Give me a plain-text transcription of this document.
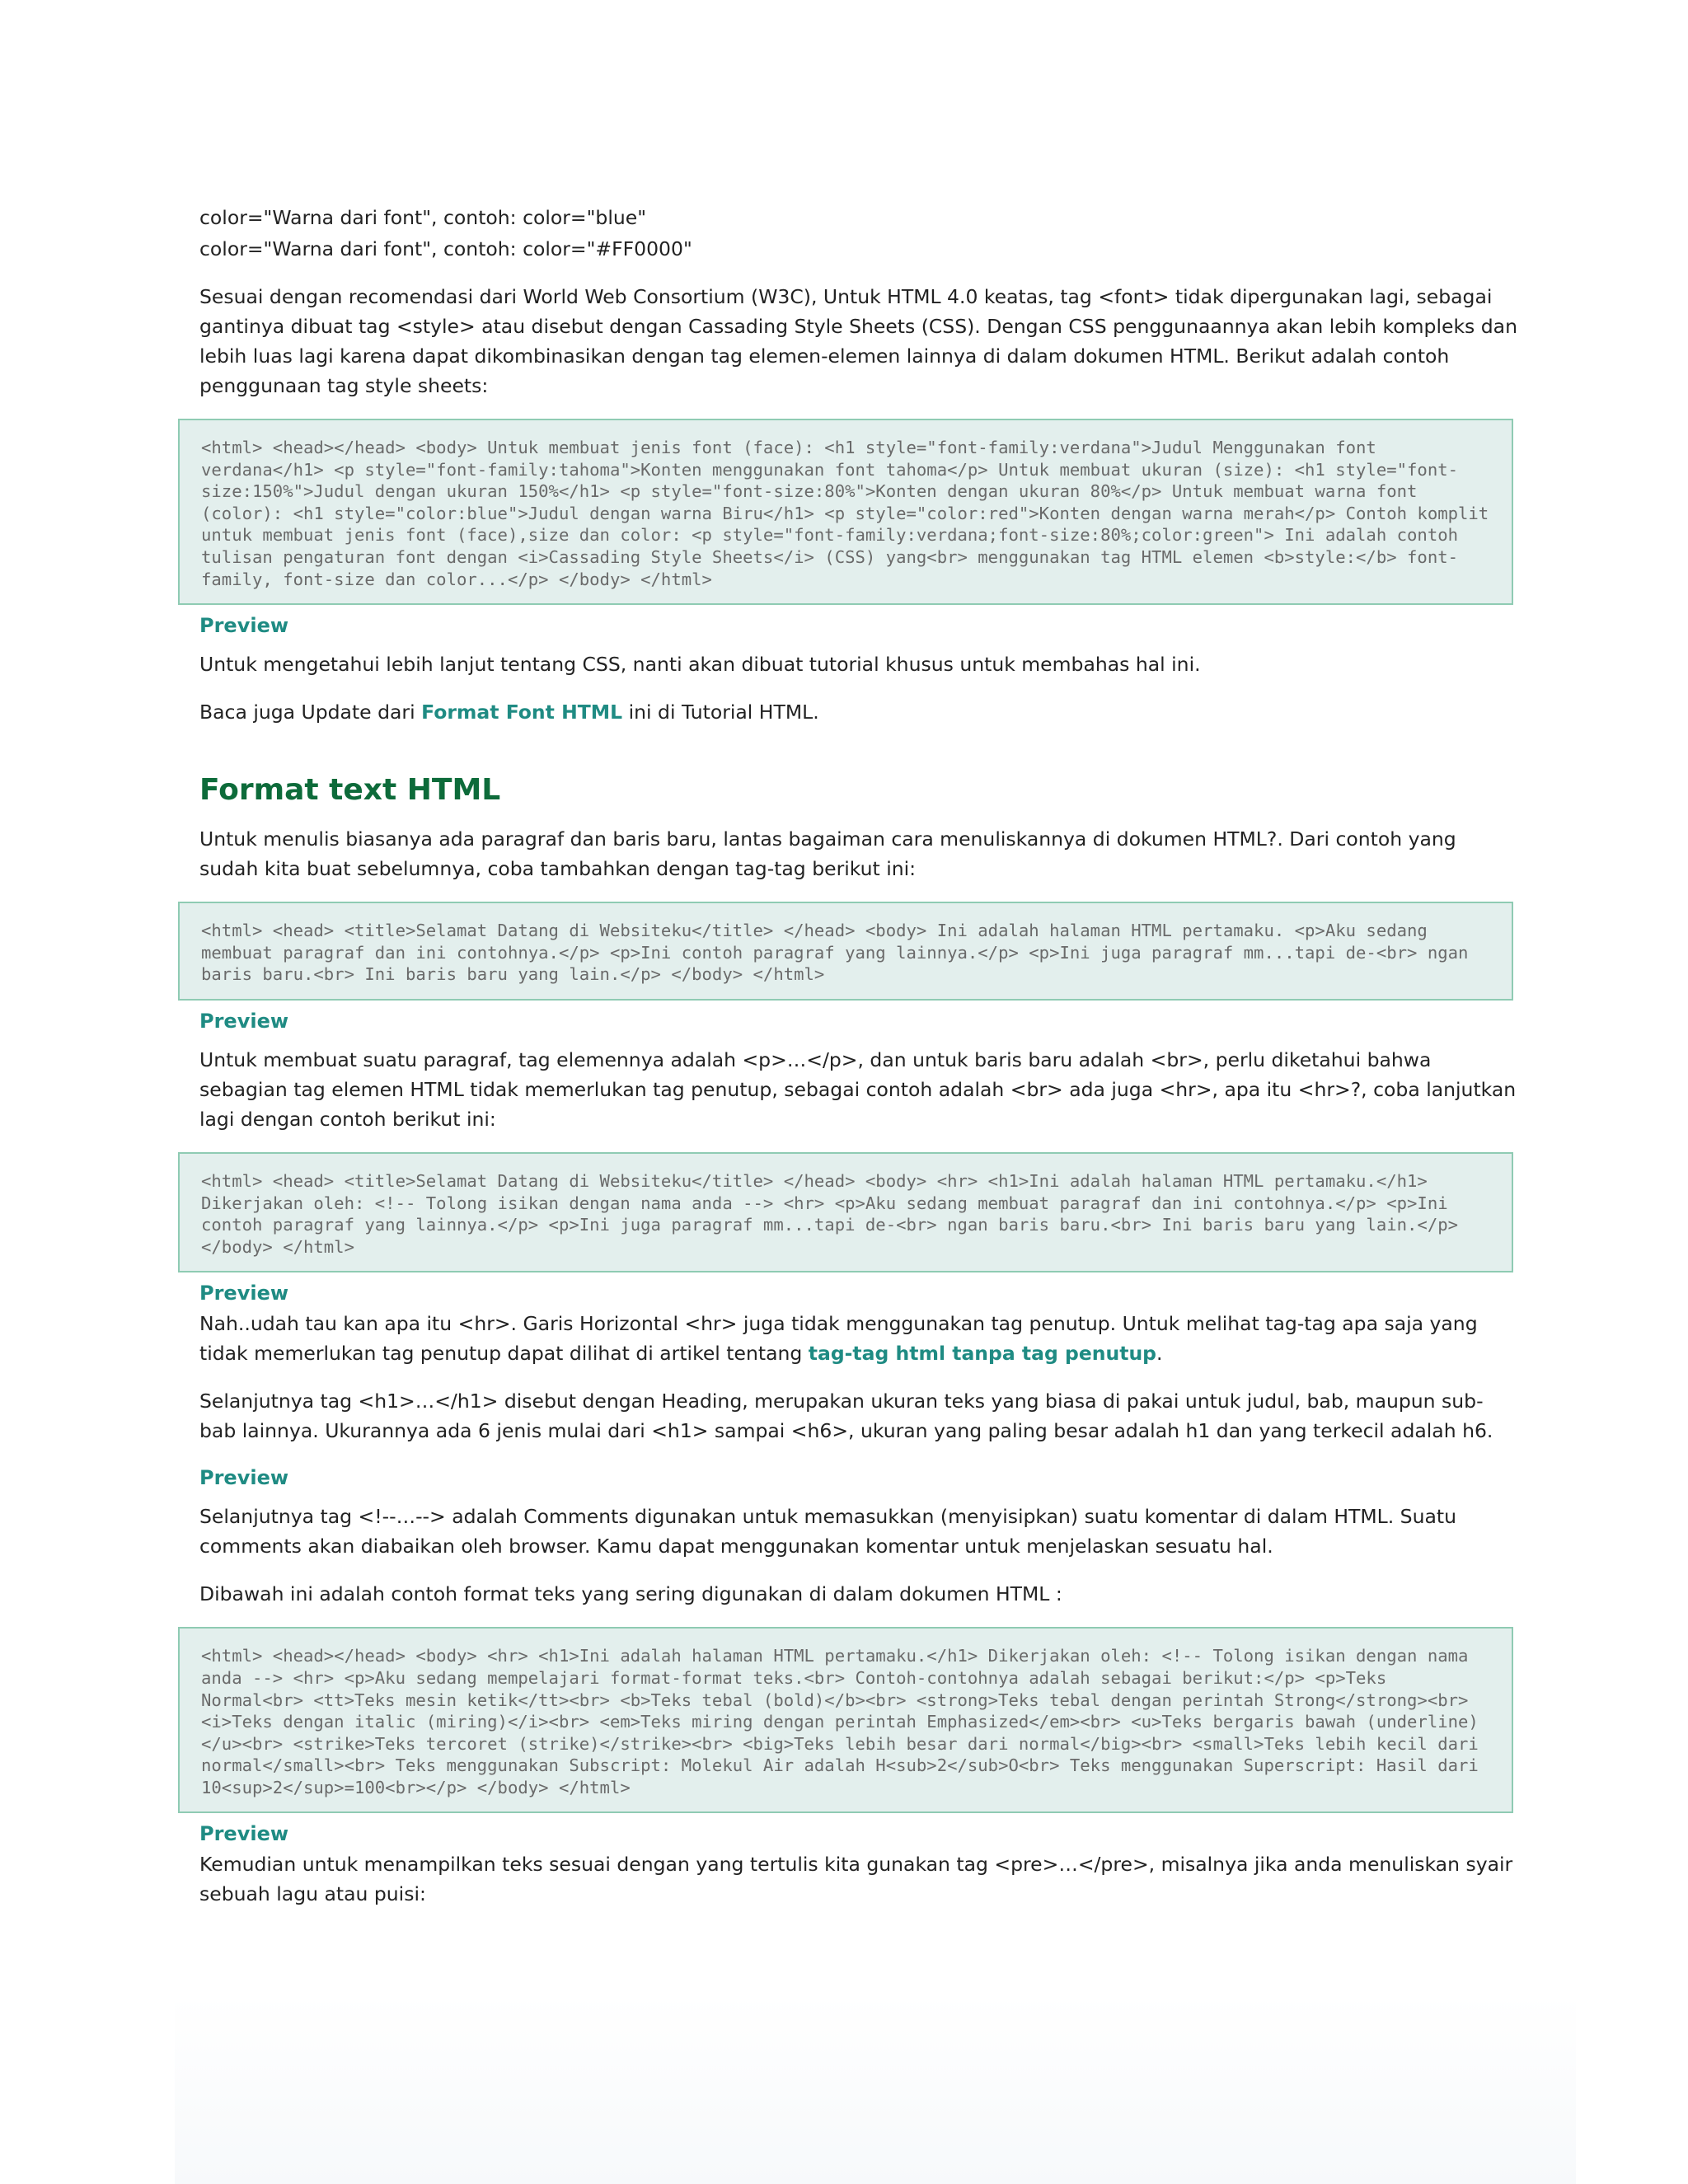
color="Warna dari font", contoh: color="blue"

color="Warna dari font", contoh: color="#FF0000"

Sesuai dengan recomendasi dari World Web Consortium (W3C), Untuk HTML 4.0 keatas, tag <font> tidak dipergunakan lagi, sebagai gantinya dibuat tag <style> atau disebut dengan Cassading Style Sheets (CSS). Dengan CSS penggunaannya akan lebih kompleks dan lebih luas lagi karena dapat dikombinasikan dengan tag elemen-elemen lainnya di dalam dokumen HTML. Berikut adalah contoh penggunaan tag style sheets:

<html> <head></head> <body> Untuk membuat jenis font (face): <h1 style="font-family:verdana">Judul Menggunakan font verdana</h1> <p style="font-family:tahoma">Konten menggunakan font tahoma</p> Untuk membuat ukuran (size): <h1 style="font-size:150%">Judul dengan ukuran 150%</h1> <p style="font-size:80%">Konten dengan ukuran 80%</p> Untuk membuat warna font (color): <h1 style="color:blue">Judul dengan warna Biru</h1> <p style="color:red">Konten dengan warna merah</p> Contoh komplit untuk membuat jenis font (face),size dan color: <p style="font-family:verdana;font-size:80%;color:green"> Ini adalah contoh tulisan pengaturan font dengan <i>Cassading Style Sheets</i> (CSS) yang<br> menggunakan tag HTML elemen <b>style:</b> font-family, font-size dan color...</p> </body> </html>
Preview

Untuk mengetahui lebih lanjut tentang CSS, nanti akan dibuat tutorial khusus untuk membahas hal ini.

Baca juga Update dari Format Font HTML ini di Tutorial HTML.

Format text HTML

Untuk menulis biasanya ada paragraf dan baris baru, lantas bagaiman cara menuliskannya di dokumen HTML?. Dari contoh yang sudah kita buat sebelumnya, coba tambahkan dengan tag-tag berikut ini:

<html> <head> <title>Selamat Datang di Websiteku</title> </head> <body> Ini adalah halaman HTML pertamaku. <p>Aku sedang membuat paragraf dan ini contohnya.</p> <p>Ini contoh paragraf yang lainnya.</p> <p>Ini juga paragraf mm...tapi de-<br> ngan baris baru.<br> Ini baris baru yang lain.</p> </body> </html>
Preview

Untuk membuat suatu paragraf, tag elemennya adalah <p>…</p>, dan untuk baris baru adalah <br>, perlu diketahui bahwa sebagian tag elemen HTML tidak memerlukan tag penutup, sebagai contoh adalah <br> ada juga <hr>, apa itu <hr>?, coba lanjutkan lagi dengan contoh berikut ini:

<html> <head> <title>Selamat Datang di Websiteku</title> </head> <body> <hr> <h1>Ini adalah halaman HTML pertamaku.</h1> Dikerjakan oleh: <!-- Tolong isikan dengan nama anda --> <hr> <p>Aku sedang membuat paragraf dan ini contohnya.</p> <p>Ini contoh paragraf yang lainnya.</p> <p>Ini juga paragraf mm...tapi de-<br> ngan baris baru.<br> Ini baris baru yang lain.</p> </body> </html>
Preview

Nah..udah tau kan apa itu <hr>. Garis Horizontal <hr> juga tidak menggunakan tag penutup. Untuk melihat tag-tag apa saja yang tidak memerlukan tag penutup dapat dilihat di artikel tentang tag-tag html tanpa tag penutup.

Selanjutnya tag <h1>…</h1> disebut dengan Heading, merupakan ukuran teks yang biasa di pakai untuk judul, bab, maupun sub-bab lainnya. Ukurannya ada 6 jenis mulai dari <h1> sampai <h6>, ukuran yang paling besar adalah h1 dan yang terkecil adalah h6.

Preview

Selanjutnya tag <!--…--> adalah Comments digunakan untuk memasukkan (menyisipkan) suatu komentar di dalam HTML. Suatu comments akan diabaikan oleh browser. Kamu dapat menggunakan komentar untuk menjelaskan sesuatu hal.

Dibawah ini adalah contoh format teks yang sering digunakan di dalam dokumen HTML :

<html> <head></head> <body> <hr> <h1>Ini adalah halaman HTML pertamaku.</h1> Dikerjakan oleh: <!-- Tolong isikan dengan nama anda --> <hr> <p>Aku sedang mempelajari format-format teks.<br> Contoh-contohnya adalah sebagai berikut:</p> <p>Teks Normal<br> <tt>Teks mesin ketik</tt><br> <b>Teks tebal (bold)</b><br> <strong>Teks tebal dengan perintah Strong</strong><br> <i>Teks dengan italic (miring)</i><br> <em>Teks miring dengan perintah Emphasized</em><br> <u>Teks bergaris bawah (underline)</u><br> <strike>Teks tercoret (strike)</strike><br> <big>Teks lebih besar dari normal</big><br> <small>Teks lebih kecil dari normal</small><br> Teks menggunakan Subscript: Molekul Air adalah H<sub>2</sub>O<br> Teks menggunakan Superscript: Hasil dari 10<sup>2</sup>=100<br></p> </body> </html>
Preview

Kemudian untuk menampilkan teks sesuai dengan yang tertulis kita gunakan tag <pre>…</pre>, misalnya jika anda menuliskan syair sebuah lagu atau puisi:
